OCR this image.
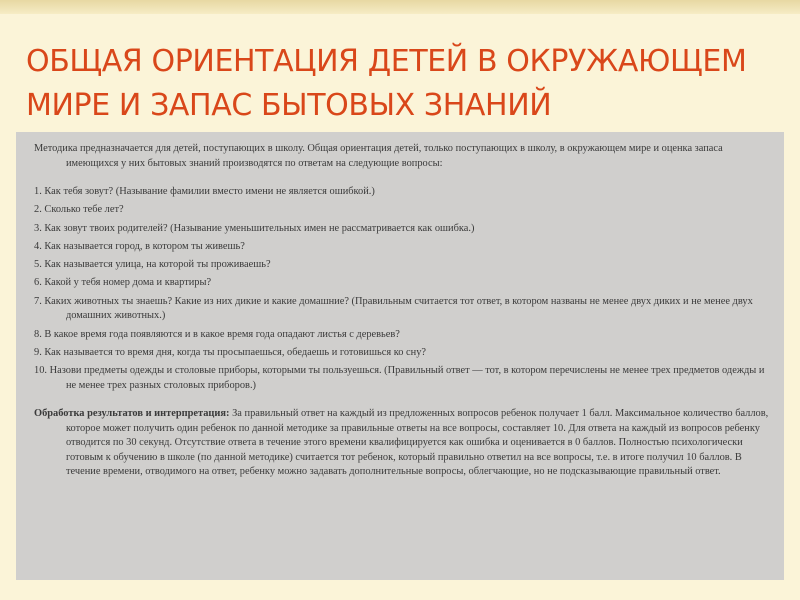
ОБЩАЯ ОРИЕНТАЦИЯ ДЕТЕЙ В ОКРУЖАЮЩЕМ
МИРЕ И ЗАПАС БЫТОВЫХ ЗНАНИЙ

Методика предназначается для детей, поступающих в школу. Общая ориентация детей, только поступающих в школу, в окружающем мире и оценка запаса имеющихся у них бытовых знаний производятся по ответам на следующие вопросы:

1. Как тебя зовут? (Называние фамилии вместо имени не является ошибкой.)
2. Сколько тебе лет?
3. Как зовут твоих родителей? (Называние уменьшительных имен не рассматривается как ошибка.)
4. Как называется город, в котором ты живешь?
5. Как называется улица, на которой ты проживаешь?
6. Какой у тебя номер дома и квартиры?
7. Каких животных ты знаешь? Какие из них дикие и какие домашние? (Правильным считается тот ответ, в котором названы не менее двух диких и не менее двух домашних животных.)
8. В какое время года появляются и в какое время года опадают листья с деревьев?
9. Как называется то время дня, когда ты просыпаешься, обедаешь и готовишься ко сну?
10. Назови предметы одежды и столовые приборы, которыми ты пользуешься. (Правильный ответ — тот, в котором перечислены не менее трех предметов одежды и не менее трех разных столовых приборов.)

Обработка результатов и интерпретация: За правильный ответ на каждый из предложенных вопросов ребенок получает 1 балл. Максимальное количество баллов, которое может получить один ребенок по данной методике за правильные ответы на все вопросы, составляет 10. Для ответа на каждый из вопросов ребенку отводится по 30 секунд. Отсутствие ответа в течение этого времени квалифицируется как ошибка и оценивается в 0 баллов. Полностью психологически готовым к обучению в школе (по данной методике) считается тот ребенок, который правильно ответил на все вопросы, т.е. в итоге получил 10 баллов. В течение времени, отводимого на ответ, ребенку можно задавать дополнительные вопросы, облегчающие, но не подсказывающие правильный ответ.
